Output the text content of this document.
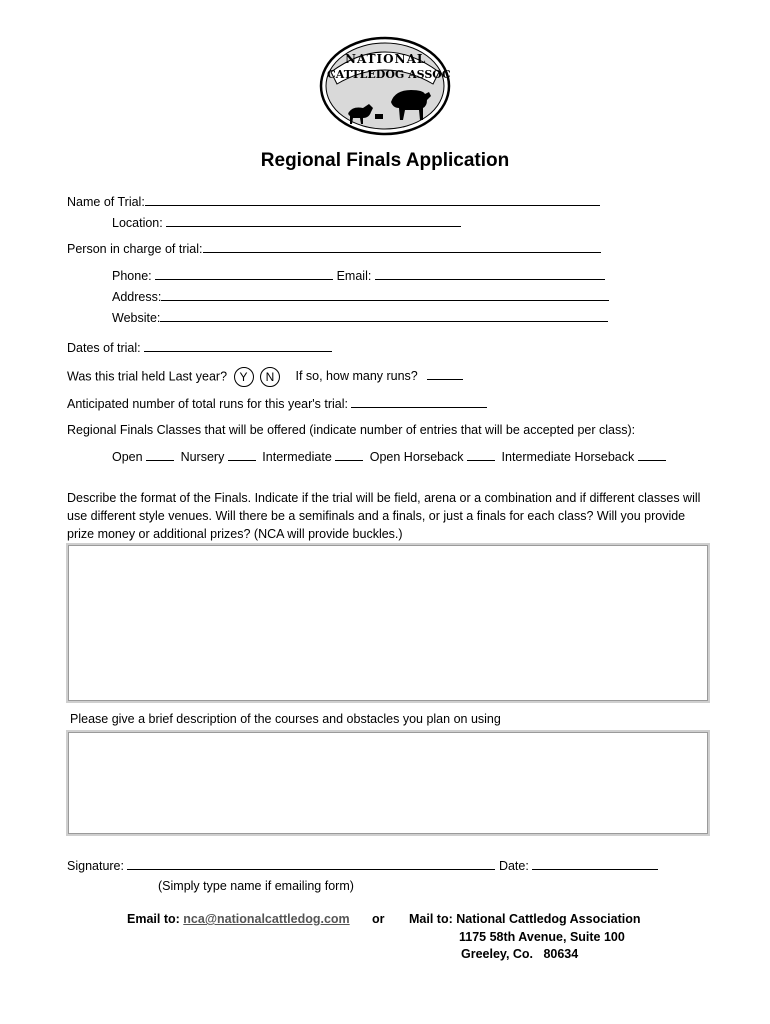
NATIONAL
CATTLEDOG ASSOC
Regional Finals Application
Name of Trial:
Location:
Person in charge of trial:
Phone:	Email:
Address:
Website:
Dates of trial:
Was this trial held Last year? Y N If so, how many runs?
Anticipated number of total runs for this year's trial:
Regional Finals Classes that will be offered (indicate number of entries that will be accepted per class):
Open	Nursery	Intermediate	Open Horseback	Intermediate Horseback
Describe the format of the Finals. Indicate if the trial will be field, arena or a combination and if different classes will use different style venues. Will there be a semifinals and a finals, or just a finals for each class? Will you provide prize money or additional prizes? (NCA will provide buckles.)
Please give a brief description of the courses and obstacles you plan on using
Signature:	Date:
(Simply type name if emailing form)
Email to: nca@nationalcattledog.com or Mail to: National Cattledog Association
1175 58th Avenue, Suite 100
Greeley, Co.   80634
